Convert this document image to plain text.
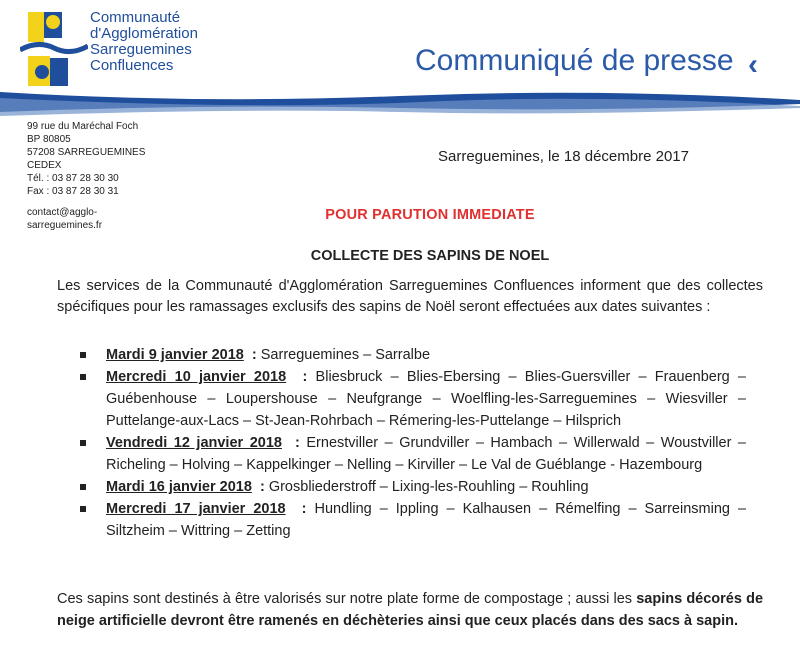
Communauté
d'Agglomération
Sarreguemines
Confluences	Communiqué de presse ‹
99 rue du Maréchal Foch
BP 80805
57208 SARREGUEMINES
CEDEX
Tél. : 03 87 28 30 30
Fax : 03 87 28 30 31
contact@agglo-
sarreguemines.fr
Sarreguemines, le 18 décembre 2017
POUR PARUTION IMMEDIATE
COLLECTE DES SAPINS DE NOEL
Les services de la Communauté d'Agglomération Sarreguemines Confluences informent que des collectes spécifiques pour les ramassages exclusifs des sapins de Noël seront effectuées aux dates suivantes :
Mardi 9 janvier 2018  : Sarreguemines – Sarralbe
Mercredi 10 janvier 2018  : Bliesbruck – Blies-Ebersing – Blies-Guersviller – Frauenberg – Guébenhouse – Loupershouse – Neufgrange – Woelfling-les-Sarreguemines – Wiesviller – Puttelange-aux-Lacs – St-Jean-Rohrbach – Rémering-les-Puttelange – Hilsprich
Vendredi 12 janvier 2018  : Ernestviller – Grundviller – Hambach – Willerwald – Woustviller – Richeling – Holving – Kappelkinger – Nelling – Kirviller – Le Val de Guéblange - Hazembourg
Mardi 16 janvier 2018  : Grosbliederstroff – Lixing-les-Rouhling – Rouhling
Mercredi 17 janvier 2018  : Hundling – Ippling – Kalhausen – Rémelfing – Sarreinsming – Siltzheim – Wittring – Zetting
Ces sapins sont destinés à être valorisés sur notre plate forme de compostage ; aussi les sapins décorés de neige artificielle devront être ramenés en déchèteries ainsi que ceux placés dans des sacs à sapin.
